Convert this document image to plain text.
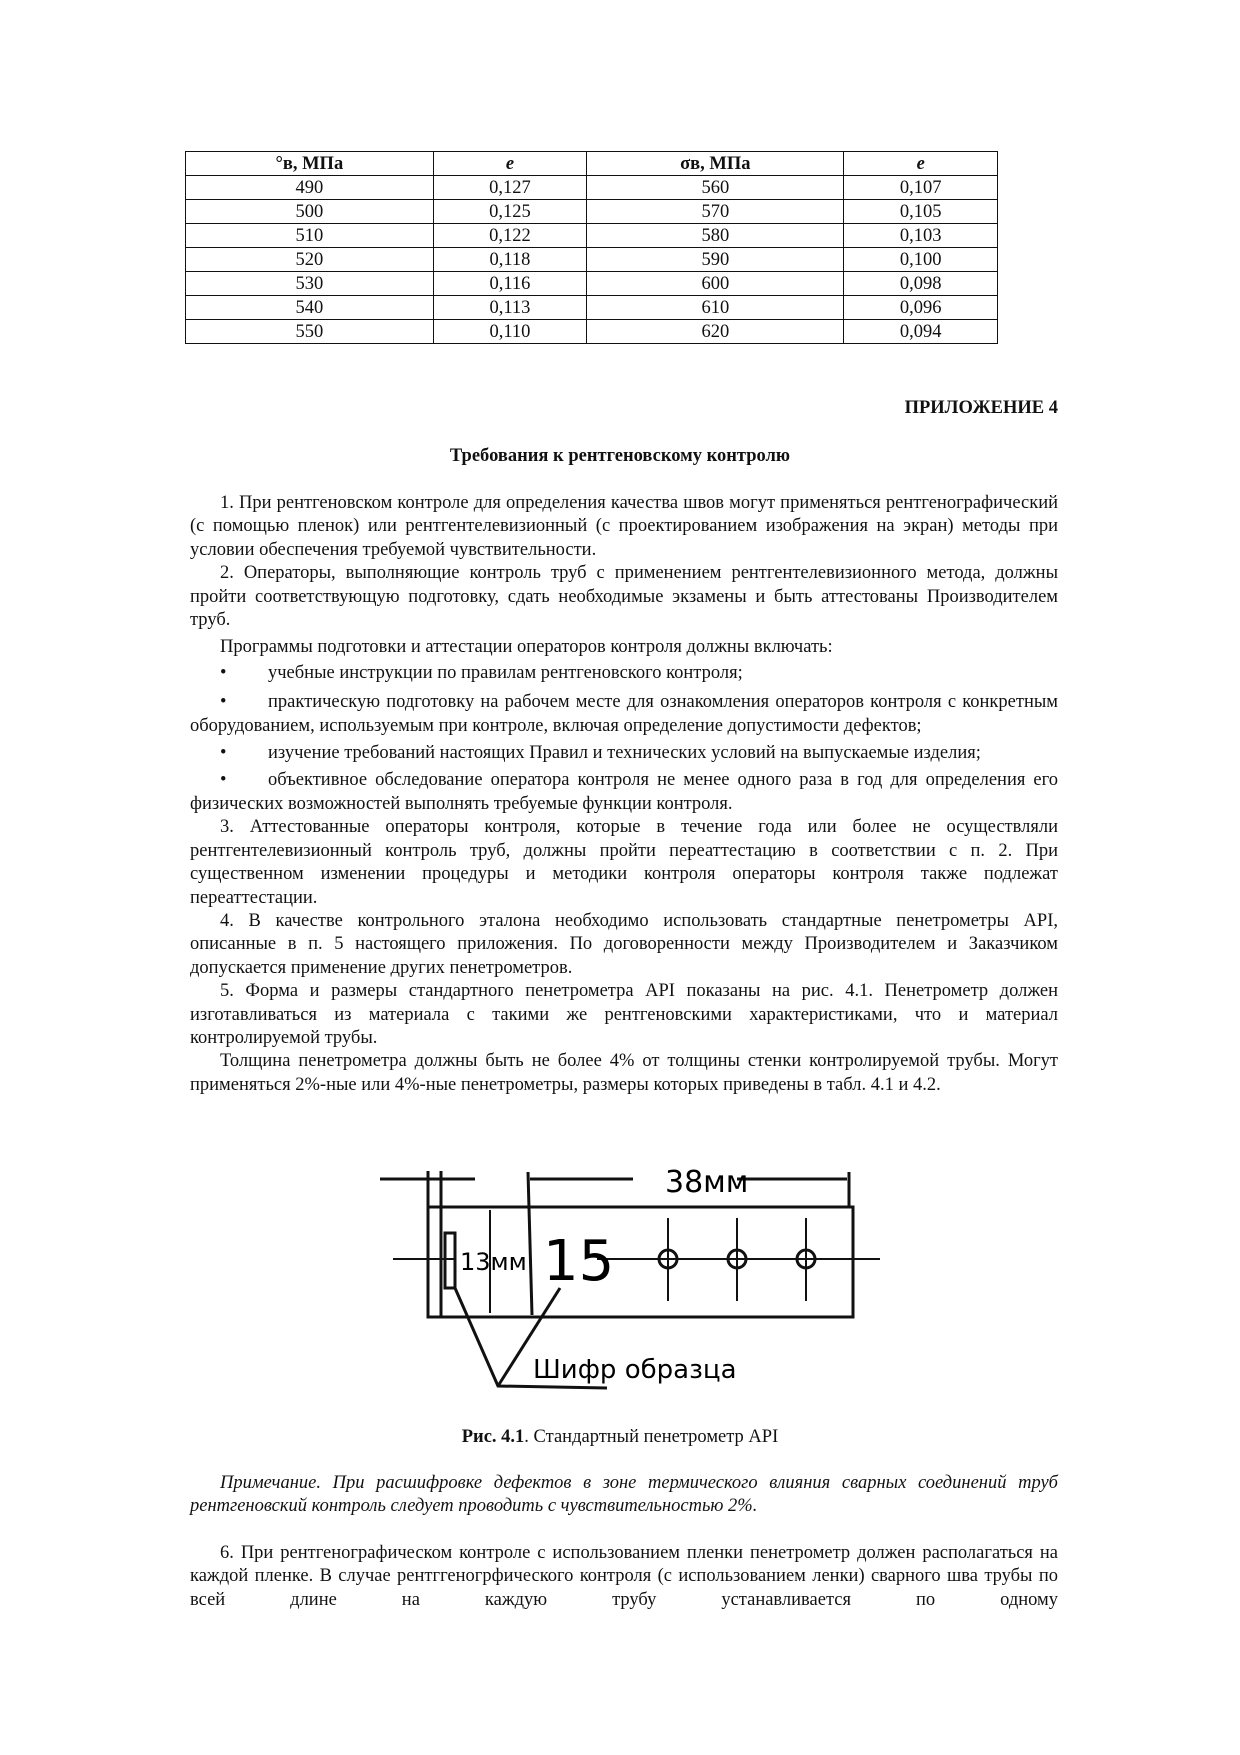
°в, МПа	e	σв, МПа	e
490	0,127	560	0,107
500	0,125	570	0,105
510	0,122	580	0,103
520	0,118	590	0,100
530	0,116	600	0,098
540	0,113	610	0,096
550	0,110	620	0,094
ПРИЛОЖЕНИЕ 4
Требования к рентгеновскому контролю

1. При рентгеновском контроле для определения качества швов могут применяться рентгенографический (с помощью пленок) или рентгентелевизионный (с проектированием изображения на экран) методы при условии обеспечения требуемой чувствительности.

2. Операторы, выполняющие контроль труб с применением рентгентелевизионного метода, должны пройти соответствующую подготовку, сдать необходимые экзамены и быть аттестованы Производителем труб.

Программы подготовки и аттестации операторов контроля должны включать:

• учебные инструкции по правилам рентгеновского контроля;

• практическую подготовку на рабочем месте для ознакомления операторов контроля с конкретным оборудованием, используемым при контроле, включая определение допустимости дефектов;

• изучение требований настоящих Правил и технических условий на выпускаемые изделия;

• объективное обследование оператора контроля не менее одного раза в год для определения его физических возможностей выполнять требуемые функции контроля.

3. Аттестованные операторы контроля, которые в течение года или более не осуществляли рентгентелевизионный контроль труб, должны пройти переаттестацию в соответствии с п. 2. При существенном изменении процедуры и методики контроля операторы контроля также подлежат переаттестации.

4. В качестве контрольного эталона необходимо использовать стандартные пенетрометры API, описанные в п. 5 настоящего приложения. По договоренности между Производителем и Заказчиком допускается применение других пенетрометров.

5. Форма и размеры стандартного пенетрометра API показаны на рис. 4.1. Пенетрометр должен изготавливаться из материала с такими же рентгеновскими характеристиками, что и материал контролируемой трубы.

Толщина пенетрометра должны быть не более 4% от толщины стенки контролируемой трубы. Могут применяться 2%-ные или 4%-ные пенетрометры, размеры которых приведены в табл. 4.1 и 4.2.

38мм
13мм 15
Шифр образца
Рис. 4.1. Стандартный пенетрометр API

Примечание. При расшифровке дефектов в зоне термического влияния сварных соединений труб рентгеновский контроль следует проводить с чувствительностью 2%.

6. При рентгенографическом контроле с использованием пленки пенетрометр должен располагаться на каждой пленке. В случае рентггеногрфического контроля (с использованием ленки) сварного шва трубы по всей длине на каждую трубу устанавливается по одному
